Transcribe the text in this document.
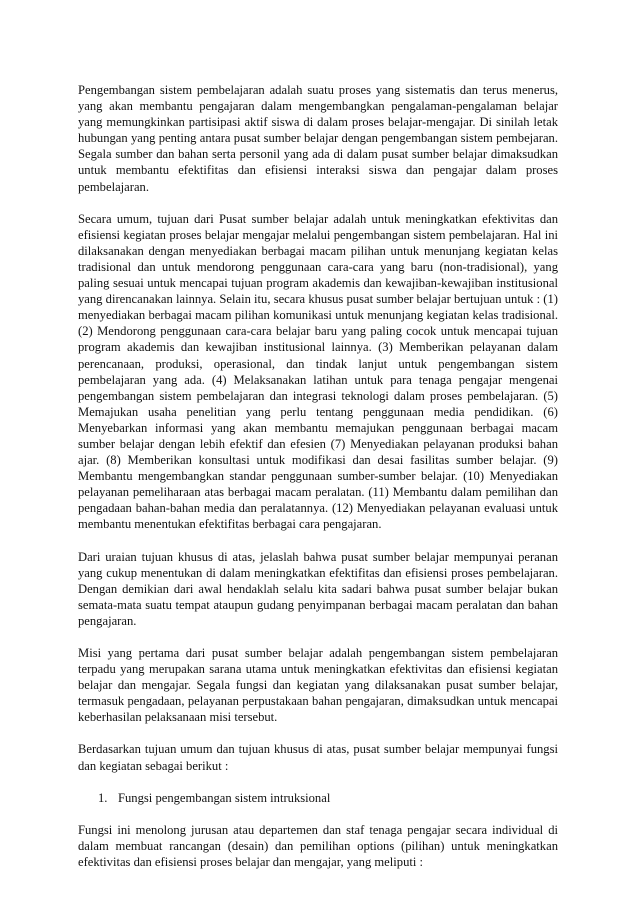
Pengembangan sistem pembelajaran adalah suatu proses yang sistematis dan terus menerus, yang akan membantu pengajaran dalam mengembangkan pengalaman-pengalaman belajar yang memungkinkan partisipasi aktif siswa di dalam proses belajar-mengajar. Di sinilah letak hubungan yang penting antara pusat sumber belajar dengan pengembangan sistem pembejaran. Segala sumber dan bahan serta personil yang ada di dalam pusat sumber belajar dimaksudkan untuk membantu efektifitas dan efisiensi interaksi siswa dan pengajar dalam proses pembelajaran.

Secara umum, tujuan dari Pusat sumber belajar adalah untuk meningkatkan efektivitas dan efisiensi kegiatan proses belajar mengajar melalui pengembangan sistem pembelajaran. Hal ini dilaksanakan dengan menyediakan berbagai macam pilihan untuk menunjang kegiatan kelas tradisional dan untuk mendorong penggunaan cara-cara yang baru (non-tradisional), yang paling sesuai untuk mencapai tujuan program akademis dan kewajiban-kewajiban institusional yang direncanakan lainnya. Selain itu, secara khusus pusat sumber belajar bertujuan untuk : (1) menyediakan berbagai macam pilihan komunikasi untuk menunjang kegiatan kelas tradisional. (2) Mendorong penggunaan cara-cara belajar baru yang paling cocok untuk mencapai tujuan program akademis dan kewajiban institusional lainnya. (3) Memberikan pelayanan dalam perencanaan, produksi, operasional, dan tindak lanjut untuk pengembangan sistem pembelajaran yang ada. (4) Melaksanakan latihan untuk para tenaga pengajar mengenai pengembangan sistem pembelajaran dan integrasi teknologi dalam proses pembelajaran. (5) Memajukan usaha penelitian yang perlu tentang penggunaan media pendidikan. (6) Menyebarkan informasi yang akan membantu memajukan penggunaan berbagai macam sumber belajar dengan lebih efektif dan efesien (7) Menyediakan pelayanan produksi bahan ajar. (8) Memberikan konsultasi untuk modifikasi dan desai fasilitas sumber belajar. (9) Membantu mengembangkan standar penggunaan sumber-sumber belajar. (10) Menyediakan pelayanan pemeliharaan atas berbagai macam peralatan. (11) Membantu dalam pemilihan dan pengadaan bahan-bahan media dan peralatannya. (12) Menyediakan pelayanan evaluasi untuk membantu menentukan efektifitas berbagai cara pengajaran.

Dari uraian tujuan khusus di atas, jelaslah bahwa pusat sumber belajar mempunyai peranan yang cukup menentukan di dalam meningkatkan efektifitas dan efisiensi proses pembelajaran. Dengan demikian dari awal hendaklah selalu kita sadari bahwa pusat sumber belajar bukan semata-mata suatu tempat ataupun gudang penyimpanan berbagai macam peralatan dan bahan pengajaran.

Misi yang pertama dari pusat sumber belajar adalah pengembangan sistem pembelajaran terpadu yang merupakan sarana utama untuk meningkatkan efektivitas dan efisiensi kegiatan belajar dan mengajar. Segala fungsi dan kegiatan yang dilaksanakan pusat sumber belajar, termasuk pengadaan, pelayanan perpustakaan bahan pengajaran, dimaksudkan untuk mencapai keberhasilan pelaksanaan misi tersebut.

Berdasarkan tujuan umum dan tujuan khusus di atas, pusat sumber belajar mempunyai fungsi dan kegiatan sebagai berikut :

1. Fungsi pengembangan sistem intruksional

Fungsi ini menolong jurusan atau departemen dan staf tenaga pengajar secara individual di dalam membuat rancangan (desain) dan pemilihan options (pilihan) untuk meningkatkan efektivitas dan efisiensi proses belajar dan mengajar, yang meliputi :
